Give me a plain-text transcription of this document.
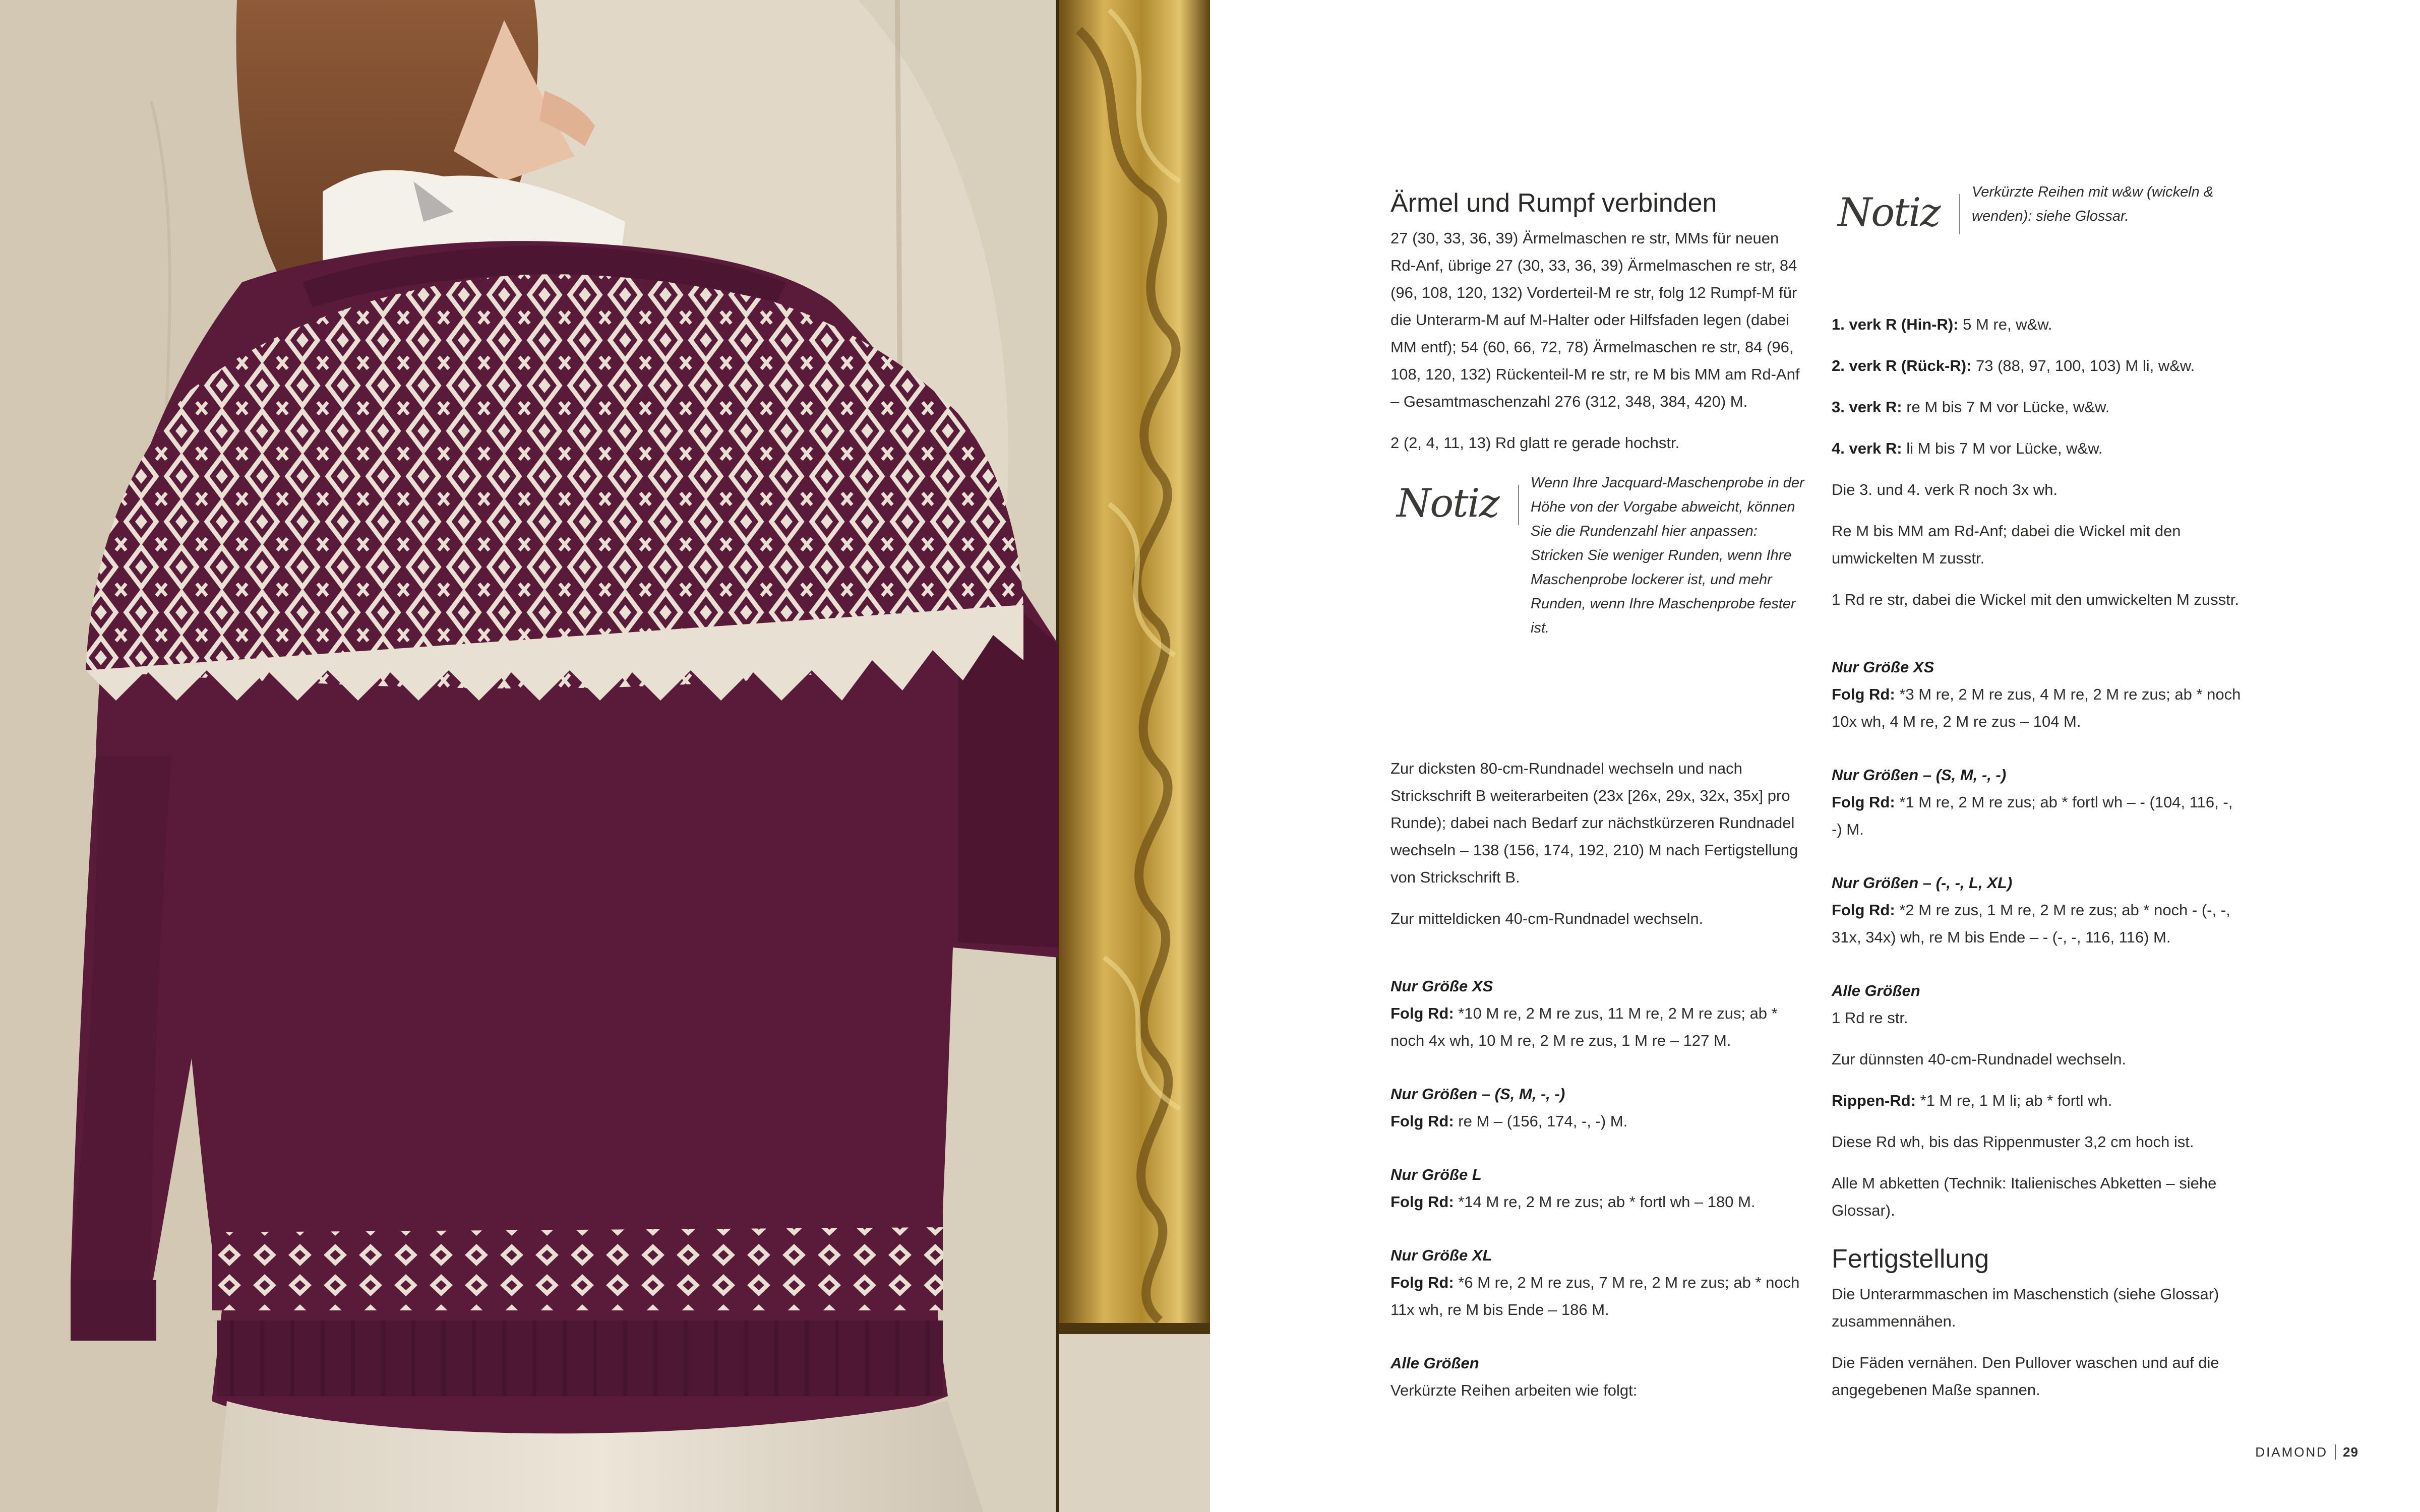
Ärmel und Rumpf verbinden

27 (30, 33, 36, 39) Ärmelmaschen re str, MMs für neuen Rd-Anf, übrige 27 (30, 33, 36, 39) Ärmelmaschen re str, 84 (96, 108, 120, 132) Vorderteil-M re str, folg 12 Rumpf-M für die Unterarm-M auf M-Halter oder Hilfsfaden legen (dabei MM entf); 54 (60, 66, 72, 78) Ärmelmaschen re str, 84 (96, 108, 120, 132) Rückenteil-M re str, re M bis MM am Rd-Anf – Gesamtmaschenzahl 276 (312, 348, 384, 420) M.

2 (2, 4, 11, 13) Rd glatt re gerade hochstr.

Notiz Wenn Ihre Jacquard-Maschenprobe in der Höhe von der Vorgabe abweicht, können Sie die Rundenzahl hier anpassen: Stricken Sie weniger Runden, wenn Ihre Maschenprobe lockerer ist, und mehr Runden, wenn Ihre Maschenprobe fester ist.

Zur dicksten 80-cm-Rundnadel wechseln und nach Strickschrift B weiterarbeiten (23x [26x, 29x, 32x, 35x] pro Runde); dabei nach Bedarf zur nächstkürzeren Rundnadel wechseln – 138 (156, 174, 192, 210) M nach Fertigstellung von Strickschrift B.

Zur mitteldicken 40-cm-Rundnadel wechseln.

Nur Größe XS

Folg Rd: *10 M re, 2 M re zus, 11 M re, 2 M re zus; ab * noch 4x wh, 10 M re, 2 M re zus, 1 M re – 127 M.

Nur Größen – (S, M, -, -)

Folg Rd: re M – (156, 174, -, -) M.

Nur Größe L

Folg Rd: *14 M re, 2 M re zus; ab * fortl wh – 180 M.

Nur Größe XL

Folg Rd: *6 M re, 2 M re zus, 7 M re, 2 M re zus; ab * noch 11x wh, re M bis Ende – 186 M.

Alle Größen

Verkürzte Reihen arbeiten wie folgt:

Notiz Verkürzte Reihen mit w&w (wickeln & wenden): siehe Glossar.

1. verk R (Hin-R): 5 M re, w&w.

2. verk R (Rück-R): 73 (88, 97, 100, 103) M li, w&w.

3. verk R: re M bis 7 M vor Lücke, w&w.

4. verk R: li M bis 7 M vor Lücke, w&w.

Die 3. und 4. verk R noch 3x wh.

Re M bis MM am Rd-Anf; dabei die Wickel mit den umwickelten M zusstr.

1 Rd re str, dabei die Wickel mit den umwickelten M zusstr.

Nur Größe XS

Folg Rd: *3 M re, 2 M re zus, 4 M re, 2 M re zus; ab * noch 10x wh, 4 M re, 2 M re zus – 104 M.

Nur Größen – (S, M, -, -)

Folg Rd: *1 M re, 2 M re zus; ab * fortl wh – - (104, 116, -, -) M.

Nur Größen – (-, -, L, XL)

Folg Rd: *2 M re zus, 1 M re, 2 M re zus; ab * noch - (-, -, 31x, 34x) wh, re M bis Ende – - (-, -, 116, 116) M.

Alle Größen

1 Rd re str.

Zur dünnsten 40-cm-Rundnadel wechseln.

Rippen-Rd: *1 M re, 1 M li; ab * fortl wh.

Diese Rd wh, bis das Rippenmuster 3,2 cm hoch ist.

Alle M abketten (Technik: Italienisches Abketten – siehe Glossar).

Fertigstellung

Die Unterarmmaschen im Maschenstich (siehe Glossar) zusammennähen.

Die Fäden vernähen. Den Pullover waschen und auf die angegebenen Maße spannen.

DIAMOND 29
